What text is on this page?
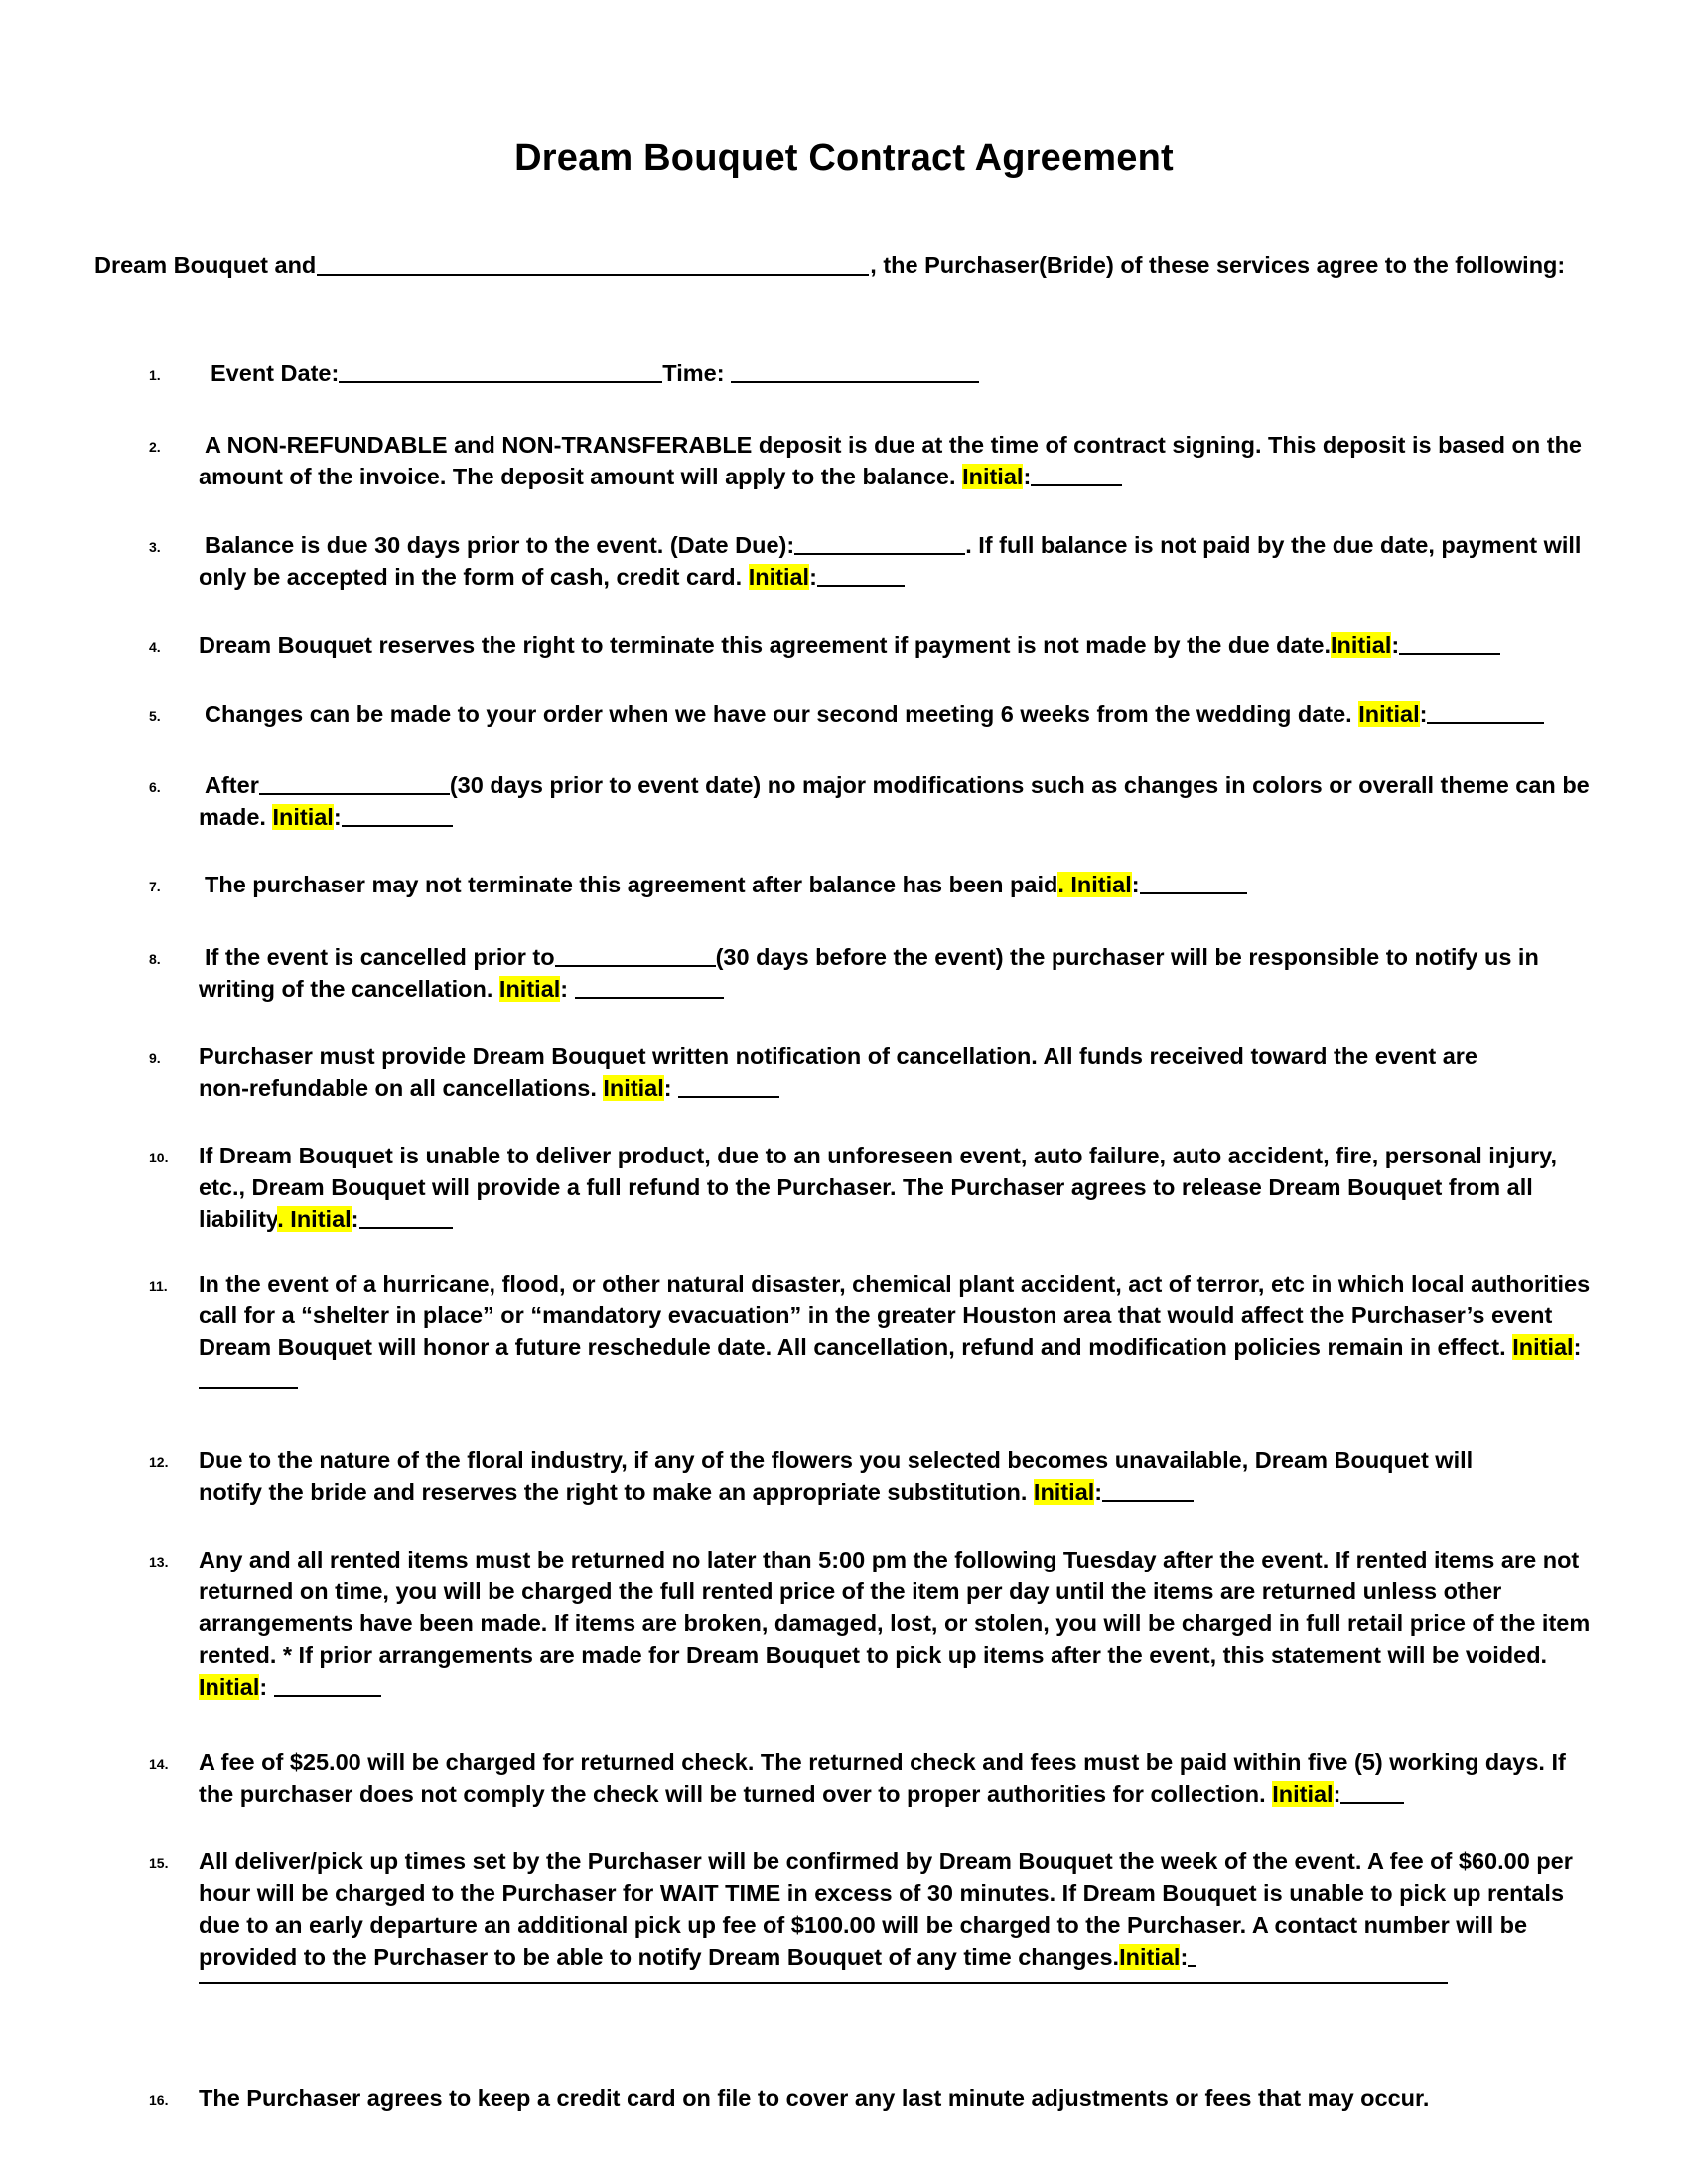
Dream Bouquet Contract Agreement
Dream Bouquet and	, the Purchaser(Bride) of these services agree to the following:
1. Event Date:	Time:
2. A NON-REFUNDABLE and NON-TRANSFERABLE deposit is due at the time of contract signing. This deposit is based on the amount of the invoice. The deposit amount will apply to the balance. Initial:
3. Balance is due 30 days prior to the event. (Date Due):	. If full balance is not paid by the due date, payment will only be accepted in the form of cash, credit card. Initial:
4. Dream Bouquet reserves the right to terminate this agreement if payment is not made by the due date.Initial:
5. Changes can be made to your order when we have our second meeting 6 weeks from the wedding date. Initial:
6. After	(30 days prior to event date) no major modifications such as changes in colors or overall theme can be made. Initial:
7. The purchaser may not terminate this agreement after balance has been paid. Initial:
8. If the event is cancelled prior to	(30 days before the event) the purchaser will be responsible to notify us in writing of the cancellation. Initial:
9. Purchaser must provide Dream Bouquet written notification of cancellation. All funds received toward the event are non-refundable on all cancellations. Initial:
10. If Dream Bouquet is unable to deliver product, due to an unforeseen event, auto failure, auto accident, fire, personal injury, etc., Dream Bouquet will provide a full refund to the Purchaser. The Purchaser agrees to release Dream Bouquet from all liability. Initial:
11. In the event of a hurricane, flood, or other natural disaster, chemical plant accident, act of terror, etc in which local authorities call for a “shelter in place” or “mandatory evacuation” in the greater Houston area that would affect the Purchaser’s event Dream Bouquet will honor a future reschedule date. All cancellation, refund and modification policies remain in effect. Initial:
12. Due to the nature of the floral industry, if any of the flowers you selected becomes unavailable, Dream Bouquet will notify the bride and reserves the right to make an appropriate substitution. Initial:
13. Any and all rented items must be returned no later than 5:00 pm the following Tuesday after the event. If rented items are not returned on time, you will be charged the full rented price of the item per day until the items are returned unless other arrangements have been made. If items are broken, damaged, lost, or stolen, you will be charged in full retail price of the item rented. * If prior arrangements are made for Dream Bouquet to pick up items after the event, this statement will be voided. Initial:
14. A fee of $25.00 will be charged for returned check. The returned check and fees must be paid within five (5) working days. If the purchaser does not comply the check will be turned over to proper authorities for collection. Initial:
15. All deliver/pick up times set by the Purchaser will be confirmed by Dream Bouquet the week of the event. A fee of $60.00 per hour will be charged to the Purchaser for WAIT TIME in excess of 30 minutes. If Dream Bouquet is unable to pick up rentals due to an early departure an additional pick up fee of $100.00 will be charged to the Purchaser. A contact number will be provided to the Purchaser to be able to notify Dream Bouquet of any time changes.Initial:
16. The Purchaser agrees to keep a credit card on file to cover any last minute adjustments or fees that may occur.
